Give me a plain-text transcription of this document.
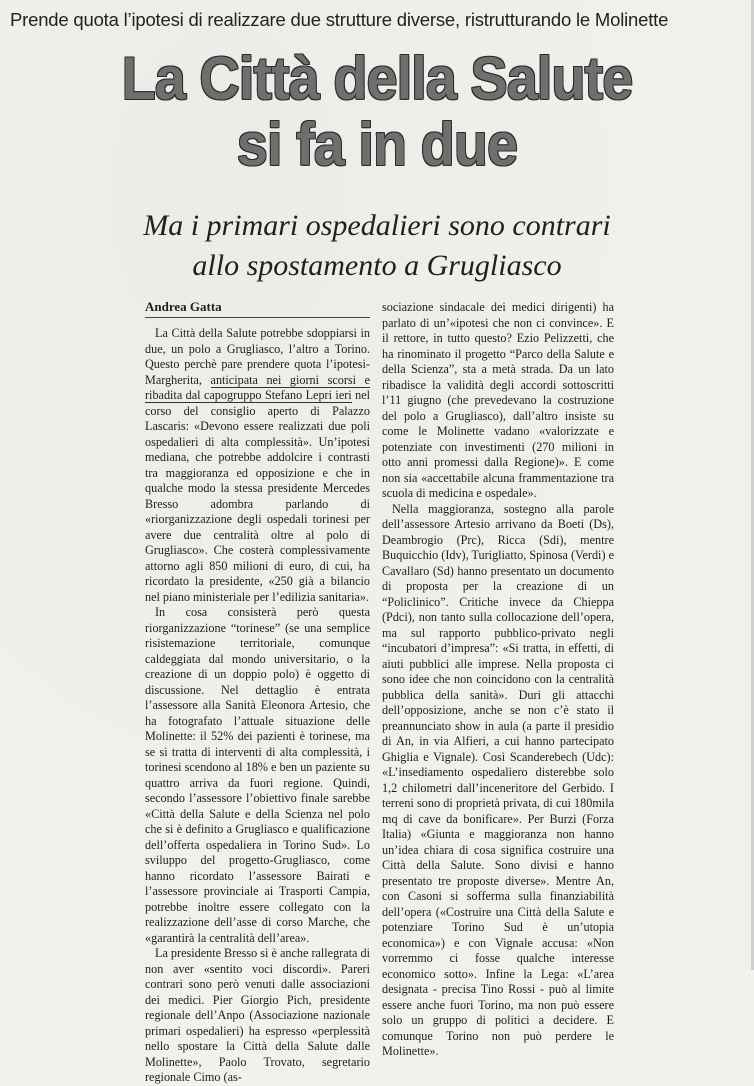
Prende quota l’ipotesi di realizzare due strutture diverse, ristrutturando le Molinette
La Città della Salute
si fa in due
Ma i primari ospedalieri sono contrari
allo spostamento a Grugliasco
Andrea Gatta

La Città della Salute potrebbe sdoppiarsi in due, un polo a Grugliasco, l’altro a Torino. Questo perchè pare prendere quota l’ipotesi-Margherita, anticipata nei giorni scorsi e ribadita dal capogruppo Stefano Lepri ieri nel corso del consiglio aperto di Palazzo Lascaris: «Devono essere realizzati due poli ospedalieri di alta complessità». Un’ipotesi mediana, che potrebbe addolcire i contrasti tra maggioranza ed opposizione e che in qualche modo la stessa presidente Mercedes Bresso adombra parlando di «riorganizzazione degli ospedali torinesi per avere due centralità oltre al polo di Grugliasco». Che costerà complessivamente attorno agli 850 milioni di euro, di cui, ha ricordato la presidente, «250 già a bilancio nel piano ministeriale per l’edilizia sanitaria».

In cosa consisterà però questa riorganizzazione “torinese” (se una semplice risistemazione territoriale, comunque caldeggiata dal mondo universitario, o la creazione di un doppio polo) è oggetto di discussione. Nel dettaglio è entrata l’assessore alla Sanità Eleonora Artesio, che ha fotografato l’attuale situazione delle Molinette: il 52% dei pazienti è torinese, ma se si tratta di interventi di alta complessità, i torinesi scendono al 18% e ben un paziente su quattro arriva da fuori regione. Quindi, secondo l’assessore l’obiettivo finale sarebbe «Città della Salute e della Scienza nel polo che si è definito a Grugliasco e qualificazione dell’offerta ospedaliera in Torino Sud». Lo sviluppo del progetto-Grugliasco, come hanno ricordato l’assessore Bairati e l’assessore provinciale ai Trasporti Campia, potrebbe inoltre essere collegato con la realizzazione dell’asse di corso Marche, che «garantirà la centralità dell’area».

La presidente Bresso si è anche rallegrata di non aver «sentito voci discordi». Pareri contrari sono però venuti dalle associazioni dei medici. Pier Giorgio Pich, presidente regionale dell’Anpo (Associazione nazionale primari ospedalieri) ha espresso «perplessità nello spostare la Città della Salute dalle Molinette», Paolo Trovato, segretario regionale Cimo (as-

sociazione sindacale dei medici dirigenti) ha parlato di un’«ipotesi che non ci convince». E il rettore, in tutto questo? Ezio Pelizzetti, che ha rinominato il progetto “Parco della Salute e della Scienza”, sta a metà strada. Da un lato ribadisce la validità degli accordi sottoscritti l’11 giugno (che prevedevano la costruzione del polo a Grugliasco), dall’altro insiste su come le Molinette vadano «valorizzate e potenziate con investimenti (270 milioni in otto anni promessi dalla Regione)». E come non sia «accettabile alcuna frammentazione tra scuola di medicina e ospedale».

Nella maggioranza, sostegno alla parole dell’assessore Artesio arrivano da Boeti (Ds), Deambrogio (Prc), Ricca (Sdi), mentre Buquicchio (Idv), Turigliatto, Spinosa (Verdi) e Cavallaro (Sd) hanno presentato un documento di proposta per la creazione di un “Policlinico”. Critiche invece da Chieppa (Pdci), non tanto sulla collocazione dell’opera, ma sul rapporto pubblico-privato negli “incubatori d’impresa”: «Si tratta, in effetti, di aiuti pubblici alle imprese. Nella proposta ci sono idee che non coincidono con la centralità pubblica della sanità». Duri gli attacchi dell’opposizione, anche se non c’è stato il preannunciato show in aula (a parte il presidio di An, in via Alfieri, a cui hanno partecipato Ghiglia e Vignale). Così Scanderebech (Udc): «L’insediamento ospedaliero disterebbe solo 1,2 chilometri dall’inceneritore del Gerbido. I terreni sono di proprietà privata, di cui 180mila mq di cave da bonificare». Per Burzi (Forza Italia) «Giunta e maggioranza non hanno un’idea chiara di cosa significa costruire una Città della Salute. Sono divisi e hanno presentato tre proposte diverse». Mentre An, con Casoni si sofferma sulla finanziabilità dell’opera («Costruire una Città della Salute e potenziare Torino Sud è un’utopia economica») e con Vignale accusa: «Non vorremmo ci fosse qualche interesse economico sotto». Infine la Lega: «L’area designata - precisa Tino Rossi - può al limite essere anche fuori Torino, ma non può essere solo un gruppo di politici a decidere. E comunque Torino non può perdere le Molinette».
